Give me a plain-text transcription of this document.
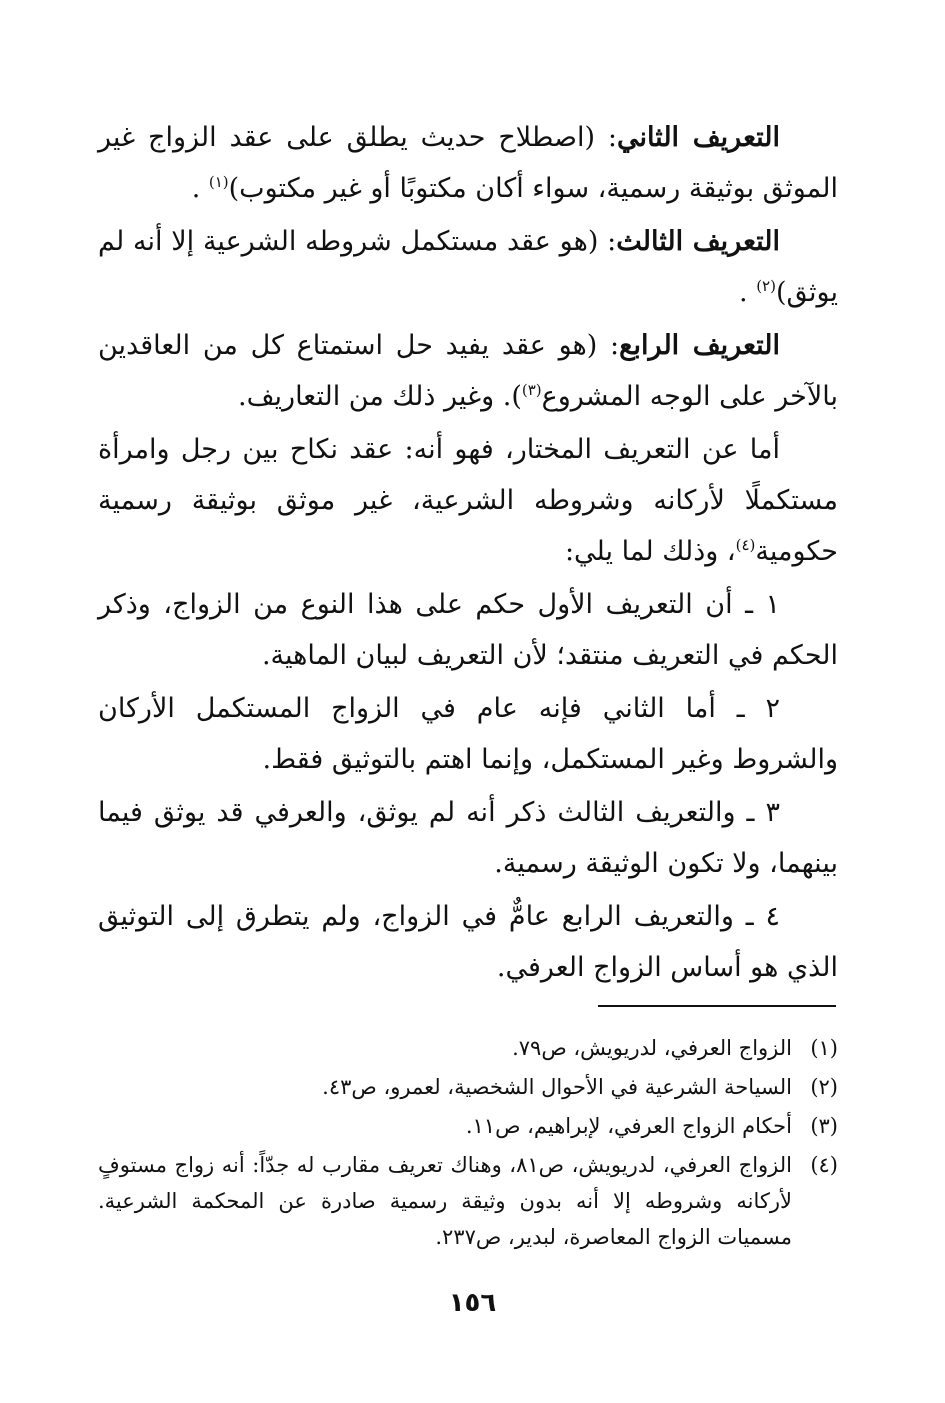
التعريف الثاني: (اصطلاح حديث يطلق على عقد الزواج غير الموثق بوثيقة رسمية، سواء أكان مكتوبًا أو غير مكتوب)$^{(١)}$ .

التعريف الثالث: (هو عقد مستكمل شروطه الشرعية إلا أنه لم يوثق)$^{(٢)}$ .

التعريف الرابع: (هو عقد يفيد حل استمتاع كل من العاقدين بالآخر على الوجه المشروع$^{(٣)}$). وغير ذلك من التعاريف.

أما عن التعريف المختار، فهو أنه: عقد نكاح بين رجل وامرأة مستكملًا لأركانه وشروطه الشرعية، غير موثق بوثيقة رسمية حكومية$^{(٤)}$، وذلك لما يلي:

١ ـ أن التعريف الأول حكم على هذا النوع من الزواج، وذكر الحكم في التعريف منتقد؛ لأن التعريف لبيان الماهية.

٢ ـ أما الثاني فإنه عام في الزواج المستكمل الأركان والشروط وغير المستكمل، وإنما اهتم بالتوثيق فقط.

٣ ـ والتعريف الثالث ذكر أنه لم يوثق، والعرفي قد يوثق فيما بينهما، ولا تكون الوثيقة رسمية.

٤ ـ والتعريف الرابع عامٌّ في الزواج، ولم يتطرق إلى التوثيق الذي هو أساس الزواج العرفي.

(١)
الزواج العرفي، لدريويش، ص٧٩.

(٢)
السياحة الشرعية في الأحوال الشخصية، لعمرو، ص٤٣.

(٣)
أحكام الزواج العرفي، لإبراهيم، ص١١.

(٤)
الزواج العرفي، لدريويش، ص٨١، وهناك تعريف مقارب له جدّاً: أنه زواج مستوفٍ لأركانه وشروطه إلا أنه بدون وثيقة رسمية صادرة عن المحكمة الشرعية. مسميات الزواج المعاصرة، لبدير، ص٢٣٧.

١٥٦
